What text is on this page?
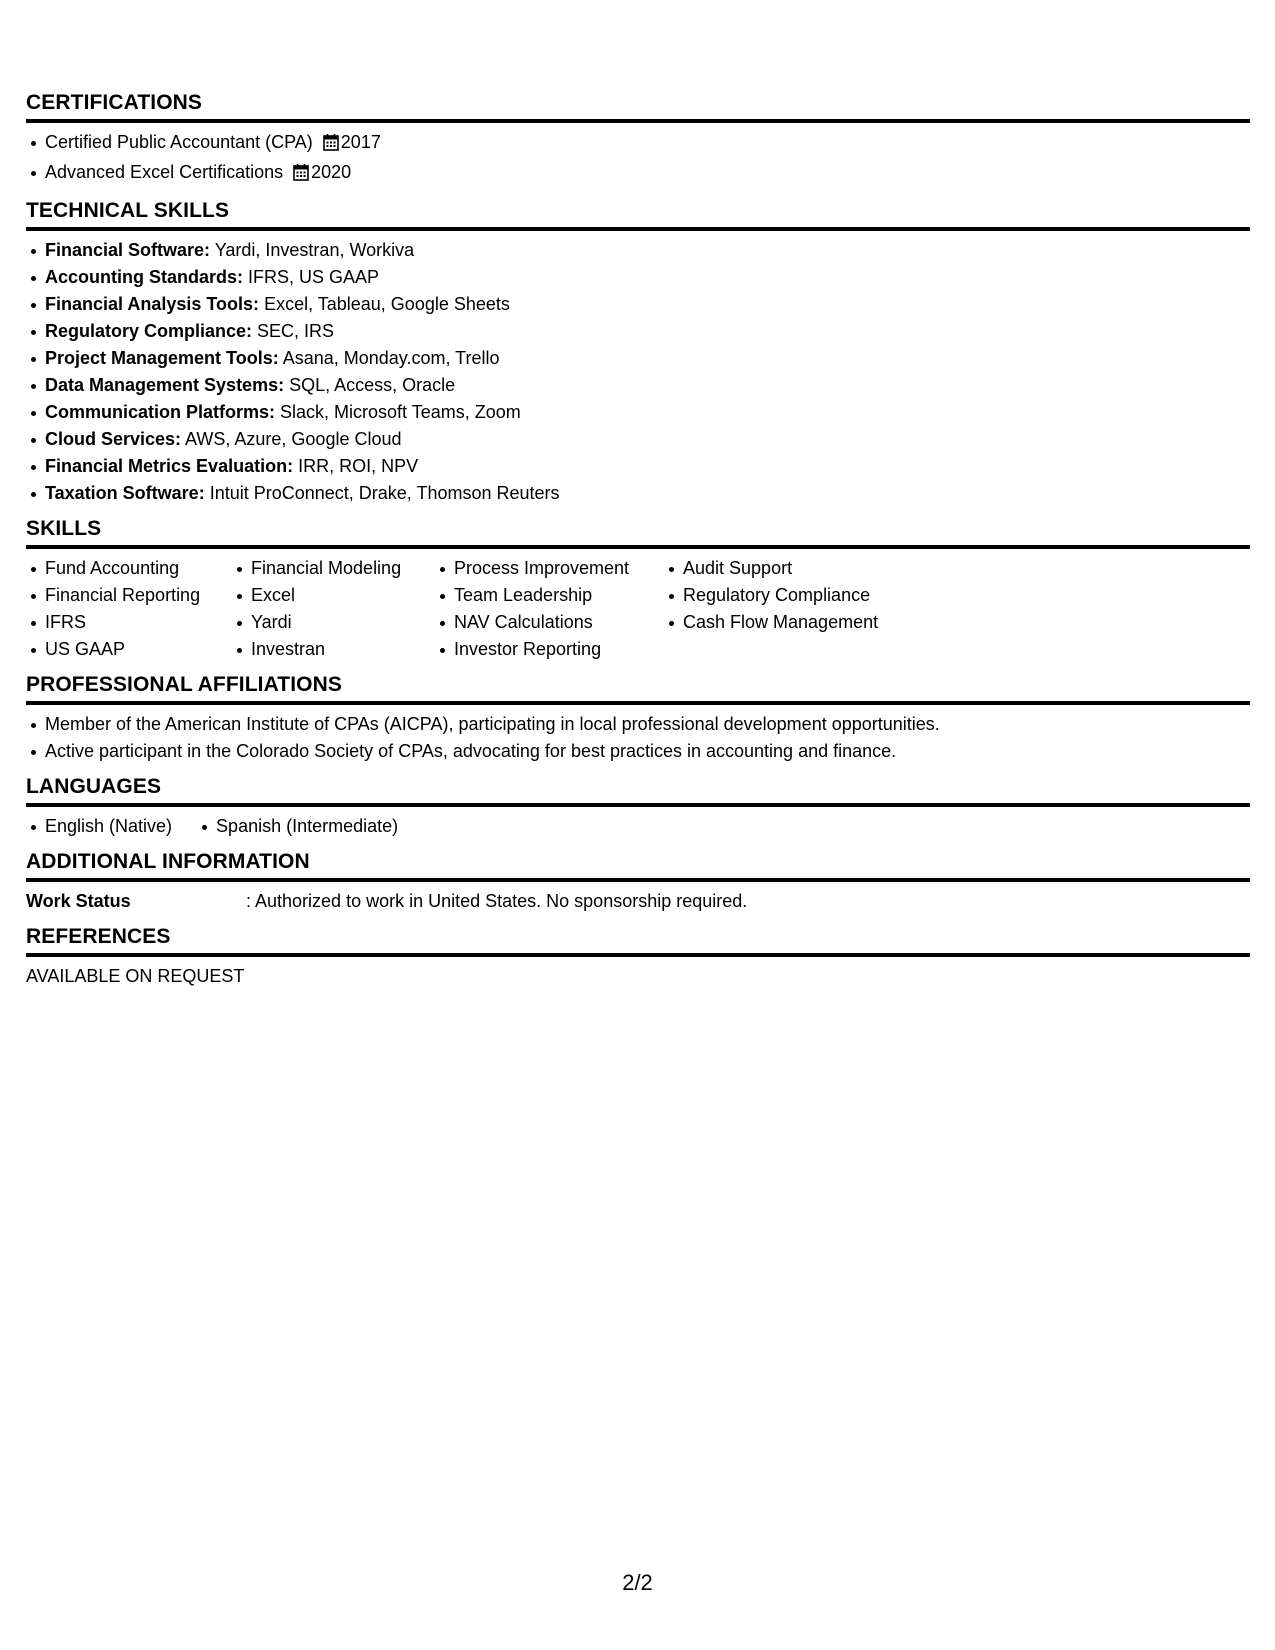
CERTIFICATIONS
Certified Public Accountant (CPA) 2017
Advanced Excel Certifications 2020
TECHNICAL SKILLS
Financial Software: Yardi, Investran, Workiva
Accounting Standards: IFRS, US GAAP
Financial Analysis Tools: Excel, Tableau, Google Sheets
Regulatory Compliance: SEC, IRS
Project Management Tools: Asana, Monday.com, Trello
Data Management Systems: SQL, Access, Oracle
Communication Platforms: Slack, Microsoft Teams, Zoom
Cloud Services: AWS, Azure, Google Cloud
Financial Metrics Evaluation: IRR, ROI, NPV
Taxation Software: Intuit ProConnect, Drake, Thomson Reuters
SKILLS
Fund Accounting
Financial Reporting
IFRS
US GAAP
Financial Modeling
Excel
Yardi
Investran
Process Improvement
Team Leadership
NAV Calculations
Investor Reporting
Audit Support
Regulatory Compliance
Cash Flow Management
PROFESSIONAL AFFILIATIONS
Member of the American Institute of CPAs (AICPA), participating in local professional development opportunities.
Active participant in the Colorado Society of CPAs, advocating for best practices in accounting and finance.
LANGUAGES
English (Native) Spanish (Intermediate)
ADDITIONAL INFORMATION
Work Status	: Authorized to work in United States. No sponsorship required.
REFERENCES
AVAILABLE ON REQUEST
2/2
